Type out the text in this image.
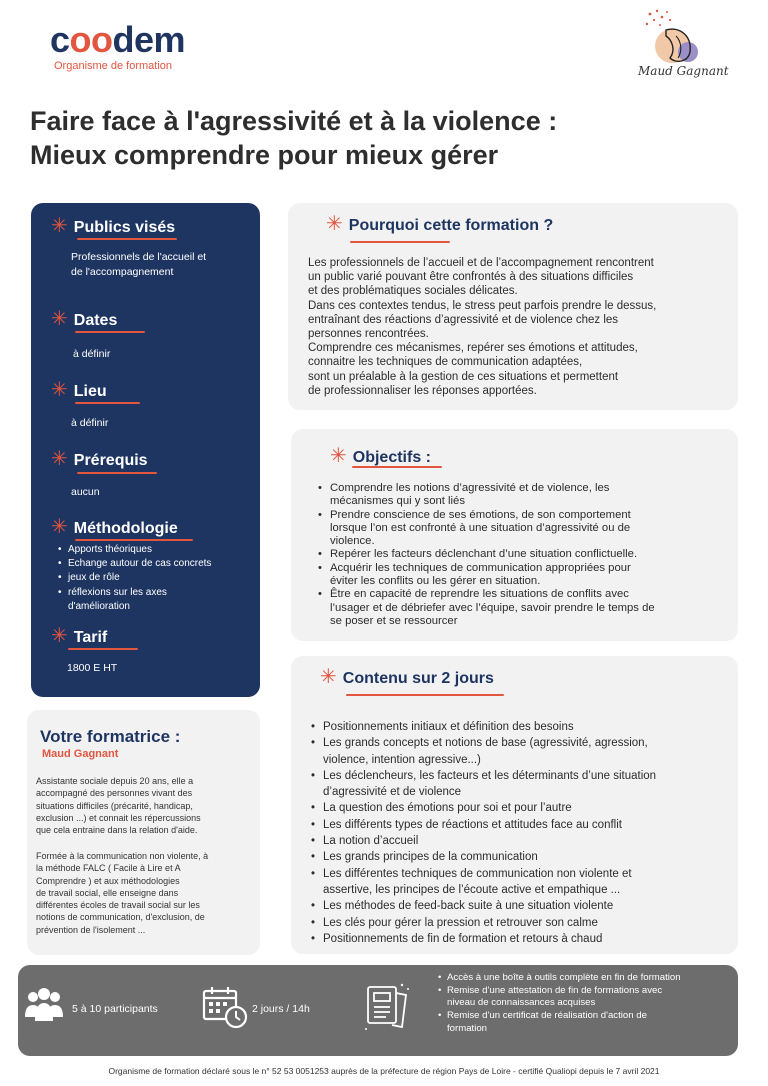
coodem
Organisme de formation	Maud Gagnant
Faire face à l'agressivité et à la violence :
Mieux comprendre pour mieux gérer
✳ Publics visés
Professionnels de l'accueil et
de l'accompagnement
✳ Dates
à définir
✳ Lieu
à définir
✳ Prérequis
aucun
✳ Méthodologie
• Apports théoriques
• Echange autour de cas concrets
• jeux de rôle
• réflexions sur les axes
d'amélioration
✳ Tarif
1800 E HT
✳ Pourquoi cette formation ?
Les professionnels de l’accueil et de l’accompagnement rencontrent
un public varié pouvant être confrontés à des situations difficiles
et des problématiques sociales délicates.
Dans ces contextes tendus, le stress peut parfois prendre le dessus,
entraînant des réactions d’agressivité et de violence chez les
personnes rencontrées.
Comprendre ces mécanismes, repérer ses émotions et attitudes,
connaitre les techniques de communication adaptées,
sont un préalable à la gestion de ces situations et permettent
de professionnaliser les réponses apportées.
✳ Objectifs :
• Comprendre les notions d’agressivité et de violence, les
mécanismes qui y sont liés
• Prendre conscience de ses émotions, de son comportement
lorsque l’on est confronté à une situation d’agressivité ou de
violence.
• Repérer les facteurs déclenchant d’une situation conflictuelle.
• Acquérir les techniques de communication appropriées pour
éviter les conflits ou les gérer en situation.
• Être en capacité de reprendre les situations de conflits avec
l’usager et de débriefer avec l’équipe, savoir prendre le temps de
se poser et se ressourcer
✳ Contenu sur 2 jours
• Positionnements initiaux et définition des besoins
• Les grands concepts et notions de base (agressivité, agression,
violence, intention agressive...)
• Les déclencheurs, les facteurs et les déterminants d’une situation
d’agressivité et de violence
• La question des émotions pour soi et pour l’autre
• Les différents types de réactions et attitudes face au conflit
• La notion d’accueil
• Les grands principes de la communication
• Les différentes techniques de communication non violente et
assertive, les principes de l’écoute active et empathique ...
• Les méthodes de feed-back suite à une situation violente
• Les clés pour gérer la pression et retrouver son calme
• Positionnements de fin de formation et retours à chaud
Votre formatrice :
Maud Gagnant
Assistante sociale depuis 20 ans, elle a
accompagné des personnes vivant des
situations difficiles (précarité, handicap,
exclusion ...) et connait les répercussions
que cela entraine dans la relation d'aide.
Formée à la communication non violente, à
la méthode FALC ( Facile à Lire et A
Comprendre ) et aux méthodologies
de travail social, elle enseigne dans
différentes écoles de travail social sur les
notions de communication, d'exclusion, de
prévention de l'isolement ...
5 à 10 participants	2 jours / 14h
• Accès à une boîte à outils complète en fin de formation
• Remise d'une attestation de fin de formations avec
niveau de connaissances acquises
• Remise d'un certificat de réalisation d'action de
formation
Organisme de formation déclaré sous le n° 52 53 0051253 auprès de la préfecture de région Pays de Loire - certifié Qualiopi depuis le 7 avril 2021
